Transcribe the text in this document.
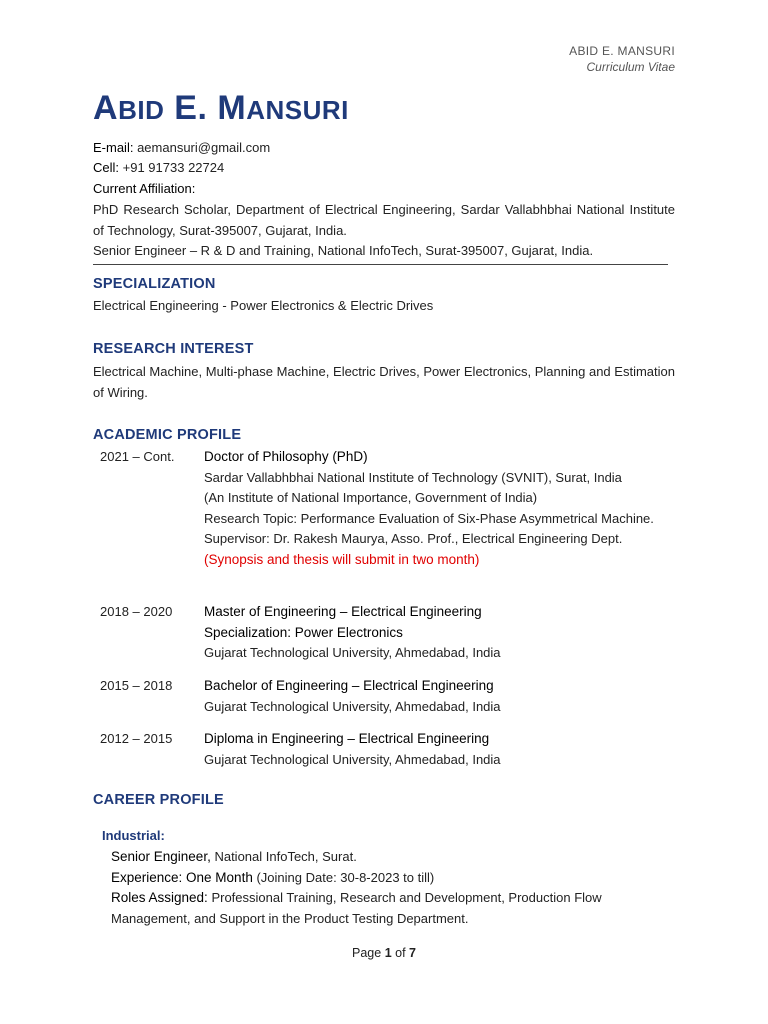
ABID E. MANSURI
Curriculum Vitae
ABID E. MANSURI
E-mail: aemansuri@gmail.com
Cell: +91 91733 22724
Current Affiliation:
PhD Research Scholar, Department of Electrical Engineering, Sardar Vallabhbhai National Institute of Technology, Surat-395007, Gujarat, India.
Senior Engineer – R & D and Training, National InfoTech, Surat-395007, Gujarat, India.
SPECIALIZATION
Electrical Engineering - Power Electronics & Electric Drives
RESEARCH INTEREST
Electrical Machine, Multi-phase Machine, Electric Drives, Power Electronics, Planning and Estimation of Wiring.
ACADEMIC PROFILE
2021 – Cont. Doctor of Philosophy (PhD)
Sardar Vallabhbhai National Institute of Technology (SVNIT), Surat, India
(An Institute of National Importance, Government of India)
Research Topic: Performance Evaluation of Six-Phase Asymmetrical Machine.
Supervisor: Dr. Rakesh Maurya, Asso. Prof., Electrical Engineering Dept.
(Synopsis and thesis will submit in two month)
2018 – 2020 Master of Engineering – Electrical Engineering
Specialization: Power Electronics
Gujarat Technological University, Ahmedabad, India
2015 – 2018 Bachelor of Engineering – Electrical Engineering
Gujarat Technological University, Ahmedabad, India
2012 – 2015 Diploma in Engineering – Electrical Engineering
Gujarat Technological University, Ahmedabad, India
CAREER PROFILE
Industrial:
Senior Engineer, National InfoTech, Surat.
Experience: One Month (Joining Date: 30-8-2023 to till)
Roles Assigned: Professional Training, Research and Development, Production Flow Management, and Support in the Product Testing Department.
Page 1 of 7
